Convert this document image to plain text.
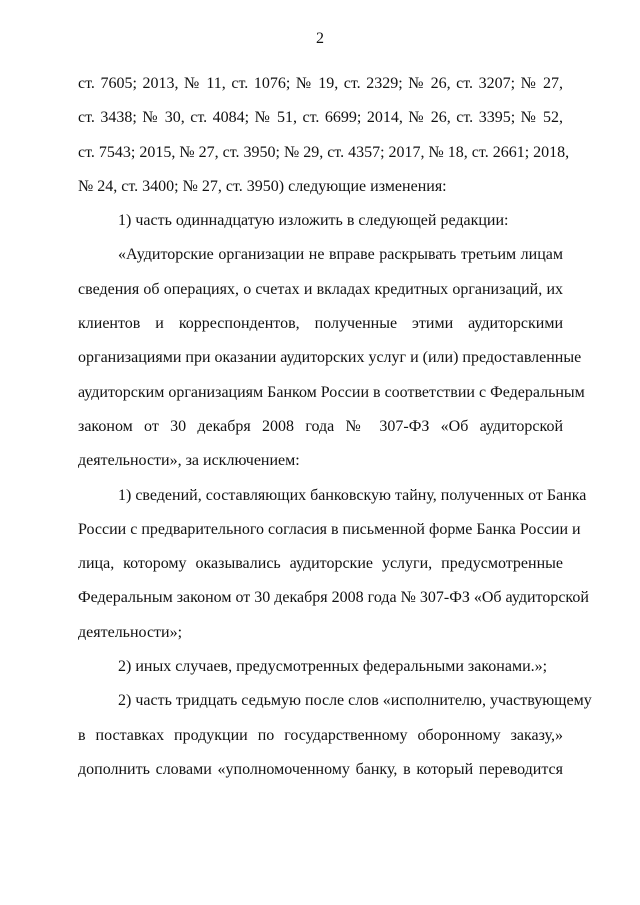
2
ст. 7605; 2013, № 11, ст. 1076; № 19, ст. 2329; № 26, ст. 3207; № 27,
ст. 3438; № 30, ст. 4084; № 51, ст. 6699; 2014, № 26, ст. 3395; № 52,
ст. 7543; 2015, № 27, ст. 3950; № 29, ст. 4357; 2017, № 18, ст. 2661; 2018,
№ 24, ст. 3400; № 27, ст. 3950) следующие изменения:
1) часть одиннадцатую изложить в следующей редакции:
«Аудиторские организации не вправе раскрывать третьим лицам
сведения об операциях, о счетах и вкладах кредитных организаций, их
клиентов и корреспондентов, полученные этими аудиторскими
организациями при оказании аудиторских услуг и (или) предоставленные
аудиторским организациям Банком России в соответствии с Федеральным
законом от 30 декабря 2008 года № 307-ФЗ «Об аудиторской
деятельности», за исключением:
1) сведений, составляющих банковскую тайну, полученных от Банка
России с предварительного согласия в письменной форме Банка России и
лица, которому оказывались аудиторские услуги, предусмотренные
Федеральным законом от 30 декабря 2008 года № 307-ФЗ «Об аудиторской
деятельности»;
2) иных случаев, предусмотренных федеральными законами.»;
2) часть тридцать седьмую после слов «исполнителю, участвующему
в поставках продукции по государственному оборонному заказу,»
дополнить словами «уполномоченному банку, в который переводится
